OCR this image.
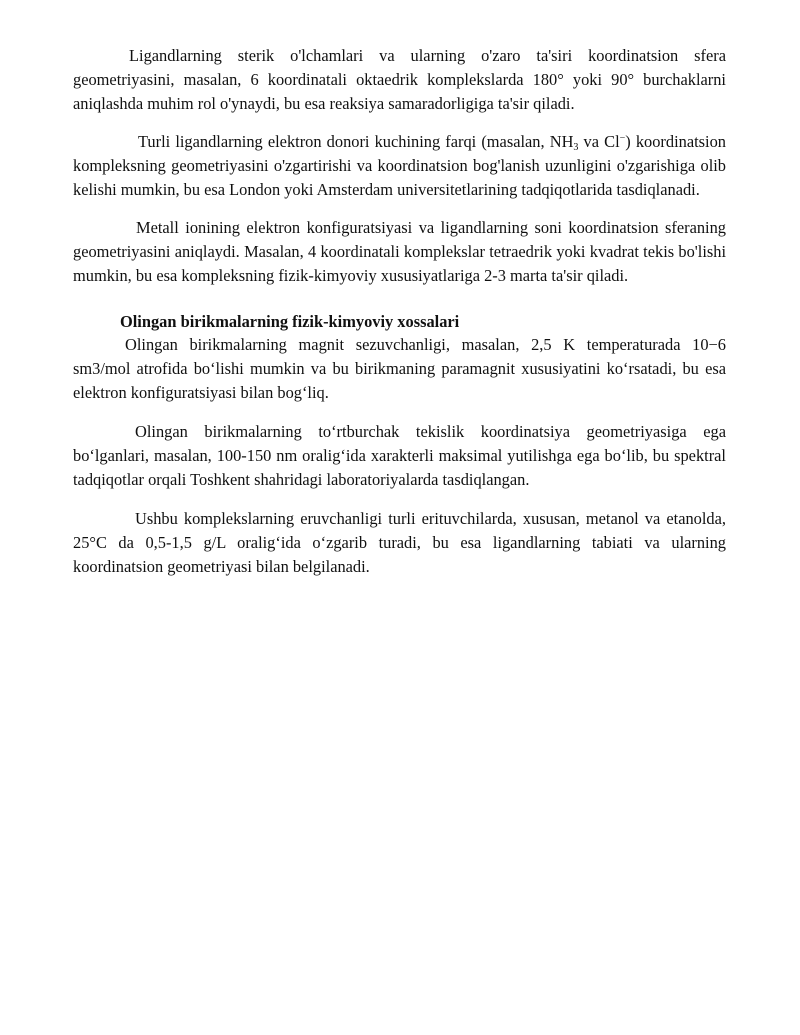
Ligandlarning sterik o'lchamlari va ularning o'zaro ta'siri koordinatsion sfera geometriyasini, masalan, 6 koordinatali oktaedrik komplekslarda 180° yoki 90° burchaklarni aniqlashda muhim rol o'ynaydi, bu esa reaksiya samaradorligiga ta'sir qiladi.

Turli ligandlarning elektron donori kuchining farqi (masalan, $NH_3$ va Cl−) koordinatsion kompleksning geometriyasini o'zgartirishi va koordinatsion bog'lanish uzunligini o'zgarishiga olib kelishi mumkin, bu esa London yoki Amsterdam universitetlarining tadqiqotlarida tasdiqlanadi.

Metall ionining elektron konfiguratsiyasi va ligandlarning soni koordinatsion sferaning geometriyasini aniqlaydi. Masalan, 4 koordinatali komplekslar tetraedrik yoki kvadrat tekis bo'lishi mumkin, bu esa kompleksning fizik-kimyoviy xususiyatlariga 2-3 marta ta'sir qiladi.

Olingan birikmalarning fizik-kimyoviy xossalari

Olingan birikmalarning magnit sezuvchanligi, masalan, 2,5 K temperaturada 10−6 sm3/mol atrofida boʻlishi mumkin va bu birikmaning paramagnit xususiyatini koʻrsatadi, bu esa elektron konfiguratsiyasi bilan bogʻliq.

Olingan birikmalarning toʻrtburchak tekislik koordinatsiya geometriyasiga ega boʻlganlari, masalan, 100-150 nm oraligʻida xarakterli maksimal yutilishga ega boʻlib, bu spektral tadqiqotlar orqali Toshkent shahridagi laboratoriyalarda tasdiqlangan.

Ushbu komplekslarning eruvchanligi turli erituvchilarda, xususan, metanol va etanolda, 25°C da 0,5-1,5 g/L oraligʻida oʻzgarib turadi, bu esa ligandlarning tabiati va ularning koordinatsion geometriyasi bilan belgilanadi.
